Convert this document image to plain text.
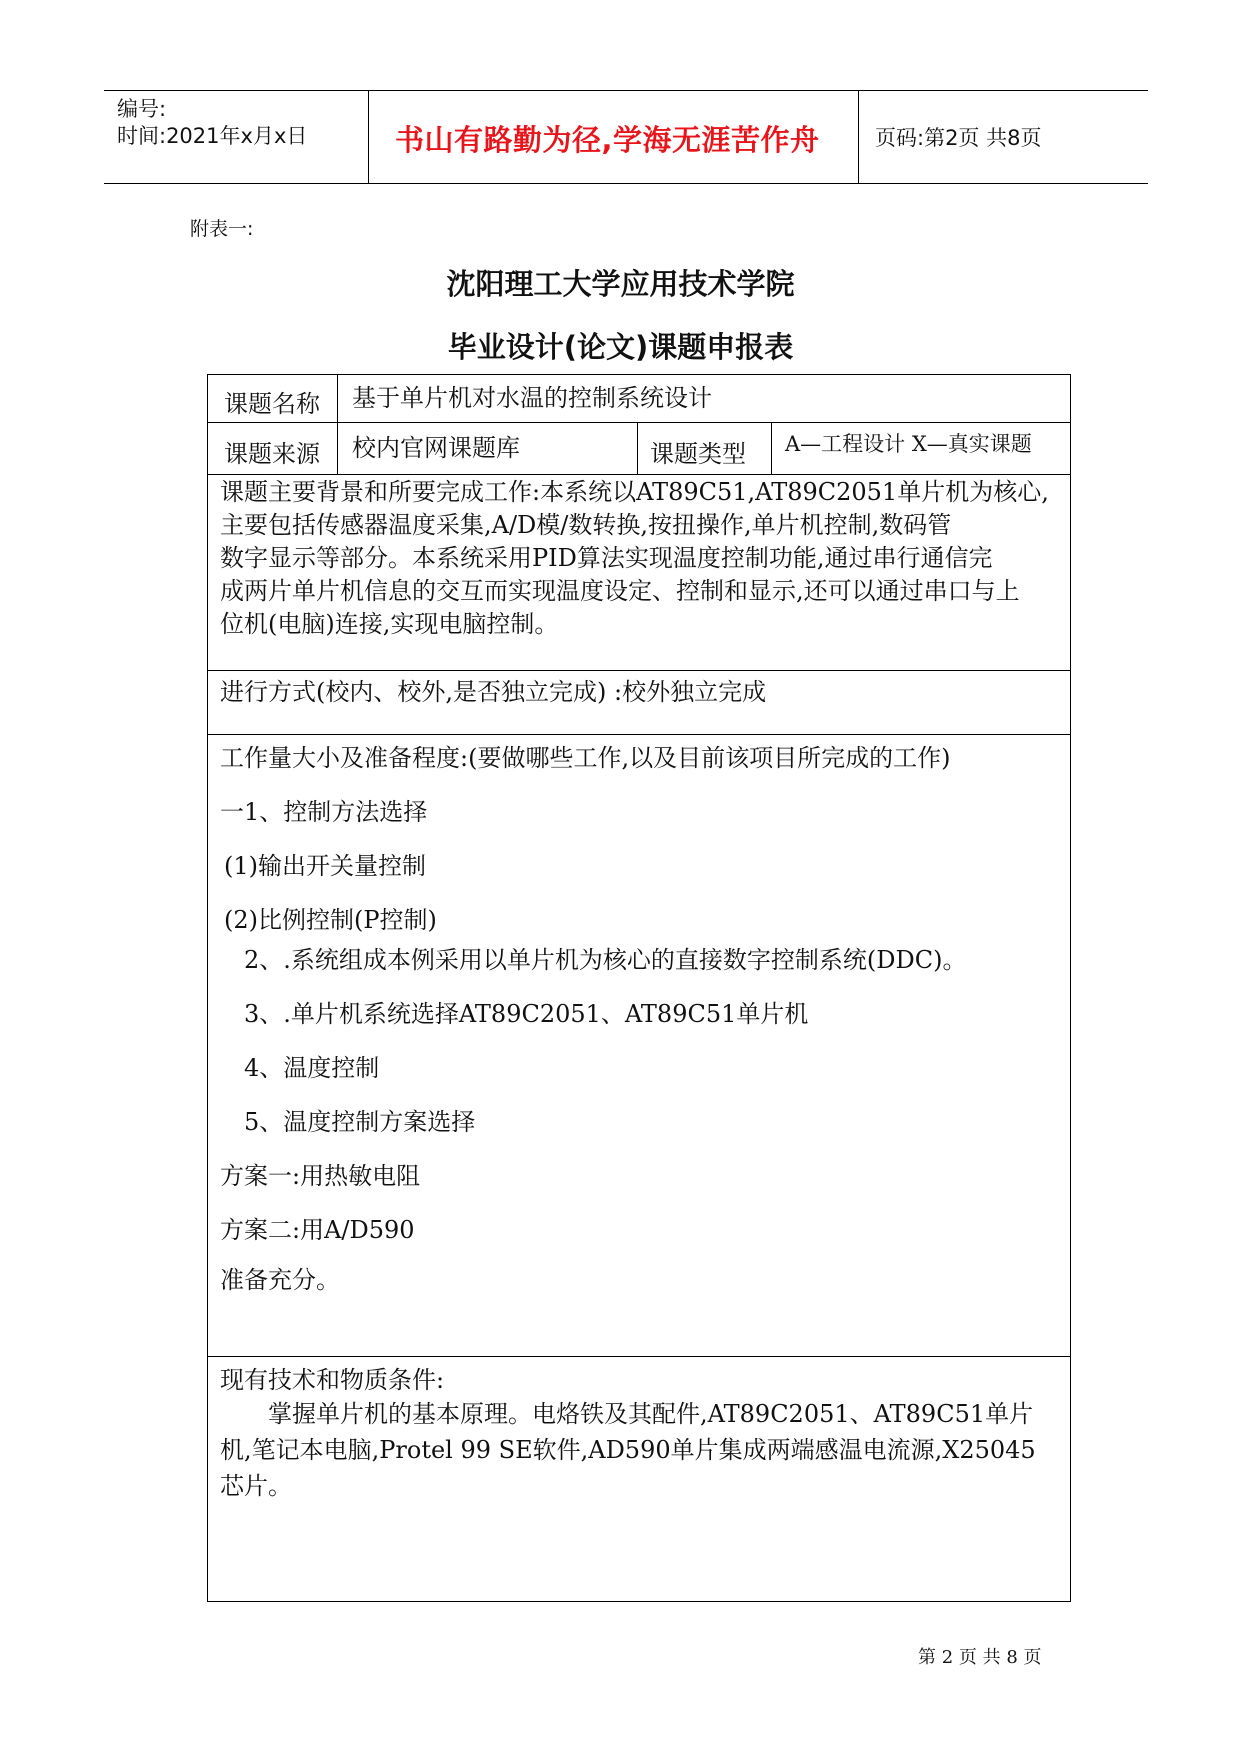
编号:
时间:2021年x月x日	书山有路勤为径,学海无涯苦作舟	页码:第2页 共8页
附表一:
沈阳理工大学应用技术学院
毕业设计(论文)课题申报表
课题名称 基于单片机对水温的控制系统设计
课题来源 校内官网课题库	课题类型 A—工程设计 X—真实课题
课题主要背景和所要完成工作:本系统以AT89C51,AT89C2051单片机为核心,
主要包括传感器温度采集,A/D模/数转换,按扭操作,单片机控制,数码管
数字显示等部分。本系统采用PID算法实现温度控制功能,通过串行通信完
成两片单片机信息的交互而实现温度设定、控制和显示,还可以通过串口与上
位机(电脑)连接,实现电脑控制。
进行方式(校内、校外,是否独立完成) :校外独立完成
工作量大小及准备程度:(要做哪些工作,以及目前该项目所完成的工作)
一1、控制方法选择
(1)输出开关量控制
(2)比例控制(P控制)
2、.系统组成本例采用以单片机为核心的直接数字控制系统(DDC)。
3、.单片机系统选择AT89C2051、AT89C51单片机
4、温度控制
5、温度控制方案选择
方案一:用热敏电阻
方案二:用A/D590
准备充分。
现有技术和物质条件:
掌握单片机的基本原理。电烙铁及其配件,AT89C2051、AT89C51单片
机,笔记本电脑,Protel 99 SE软件,AD590单片集成两端感温电流源,X25045
芯片。
第 2 页 共 8 页
